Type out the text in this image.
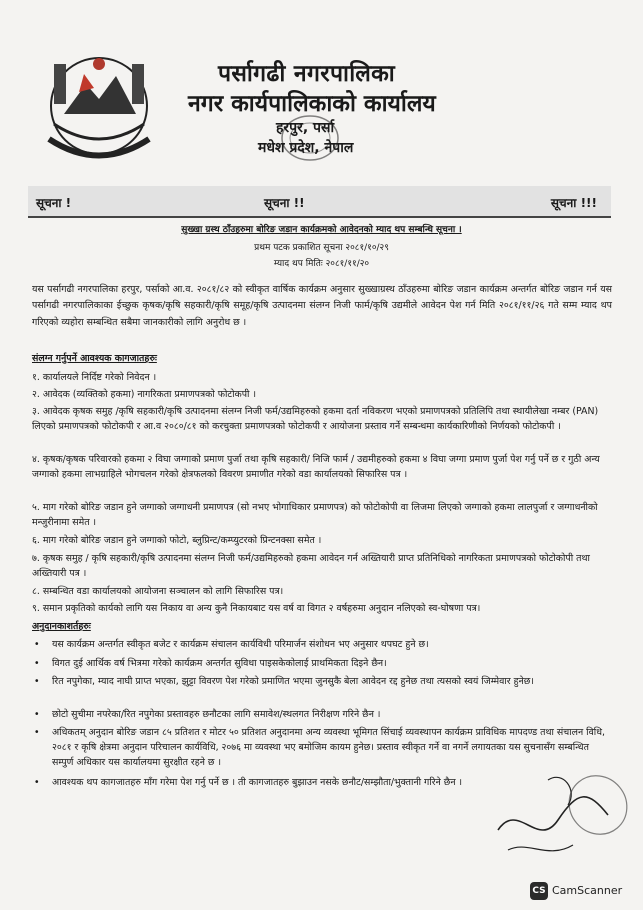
पर्सागढी नगरपालिका
नगर कार्यपालिकाको कार्यालय
हरपुर, पर्सा
मधेश प्रदेश, नेपाल
सूचना !	सूचना !!	सूचना !!!
सुख्खा ग्रस्थ ठाँउहरुमा बोरिङ जडान कार्यक्रमको आवेदनको म्याद थप सम्बन्धि सूचना ।
प्रथम पटक प्रकाशित सूचना २०८१/१०/२९
म्याद थप मितिः २०८१/११/२०
यस पर्सागढी नगरपालिका हरपुर, पर्साको आ.व. २०८१/८२ को स्वीकृत वार्षिक कार्यक्रम अनुसार सुख्खाग्रस्थ ठाँउहरुमा बोरिङ जडान कार्यक्रम अन्तर्गत बोरिङ जडान गर्न यस पर्सागढी नगरपालिकाका ईच्छुक कृषक/कृषि सहकारी/कृषि समूह/कृषि उत्पादनमा संलग्न निजी फार्म/कृषि उद्यमीले आवेदन पेश गर्न मिति २०८१/११/२६ गते सम्म म्याद थप गरिएको व्यहोरा सम्बन्धित सबैमा जानकारीको लागि अनुरोध छ ।
संलग्न गर्नुपर्ने आवश्यक कागजातहरुः
१. कार्यालयले निर्दिष्ट गरेको निवेदन ।
२. आवेदक (व्यक्तिको हकमा) नागरिकता प्रमाणपत्रको फोटोकपी ।
३. आवेदक कृषक समुह /कृषि सहकारी/कृषि उत्पादनमा संलग्न निजी फर्म/उद्यमिहरुको हकमा दर्ता नविकरण भएको प्रमाणपत्रको प्रतिलिपि तथा स्थायीलेखा नम्बर (PAN) लिएको प्रमाणपत्रको फोटोकपी र आ.व २०८०/८१ को करचुक्ता प्रमाणपत्रको फोटोकपी र आयोजना प्रस्ताव गर्ने सम्बन्धमा कार्यकारिणीको निर्णयको फोटोकपी ।
४. कृषक/कृषक परिवारको हकमा २ विघा जग्गाको प्रमाण पुर्जा तथा कृषि सहकारी/ निजि फार्म / उद्यमीहरुको हकमा ४ विघा जग्गा प्रमाण पुर्जा पेश गर्नु पर्ने छ र गुठी अन्य जग्गाको हकमा लाभग्राहिले भोगचलन गरेको क्षेत्रफलको विवरण प्रमाणीत गरेको वडा कार्यालयको सिफारिस पत्र ।
५. माग गरेको बोरिङ जडान हुने जग्गाको जग्गाधनी प्रमाणपत्र (सो नभए भोगाधिकार प्रमाणपत्र) को फोटोकोपी वा लिजमा लिएको जग्गाको हकमा लालपुर्जा र जग्गाधनीको मन्जुरीनामा समेत ।
६. माग गरेको बोरिङ जडान हुने जग्गाको फोटो, ब्लुप्रिन्ट/कम्प्युटरको प्रिन्टनक्सा समेत ।
७. कृषक समुह / कृषि सहकारी/कृषि उत्पादनमा संलग्न निजी फर्म/उद्यमिहरुको हकमा आवेदन गर्न अख्तियारी प्राप्त प्रतिनिधिको नागरिकता प्रमाणपत्रको फोटोकोपी तथा अख्तियारी पत्र ।
८. सम्बन्धित वडा कार्यालयको आयोजना सञ्चालन को लागि सिफारिस पत्र।
९. समान प्रकृतिको कार्यको लागि यस निकाय वा अन्य कुनै निकायबाट यस वर्ष वा विगत २ वर्षहरुमा अनुदान नलिएको स्व-घोषणा पत्र।
अनुदानकाशर्तहरुः
• यस कार्यक्रम अन्तर्गत स्वीकृत बजेट र कार्यक्रम संचालन कार्यविधी परिमार्जन संशोधन भए अनुसार थपघट हुने छ।
• विगत दुई आर्थिक वर्ष भित्रमा गरेको कार्यक्रम अन्तर्गत सुविधा पाइसकेकोलाई प्राथमिकता दिइने छैन।
• रित नपुगेका, म्याद नाघी प्राप्त भएका, झुट्टा विवरण पेश गरेको प्रमाणित भएमा जुनसुकै बेला आवेदन रद्द हुनेछ तथा त्यसको स्वयं जिम्मेवार हुनेछ।
• छोटो सुचीमा नपरेका/रित नपुगेका प्रस्तावहरु छनौटका लागि समावेश/स्थलगत निरीक्षण गरिने छैन ।
• अधिकतम् अनुदान बोरिङ जडान ८५ प्रतिशत र मोटर ५० प्रतिशत अनुदानमा अन्य व्यवस्था भूमिगत सिंचाई व्यवस्थापन कार्यक्रम प्राविधिक मापदण्ड तथा संचालन विधि, २०८१ र कृषि क्षेत्रमा अनुदान परिचालन कार्यविधि, २०७६ मा व्यवस्था भए बमोजिम कायम हुनेछ। प्रस्ताव स्वीकृत गर्ने वा नगर्ने लगायतका यस सुचनासँग सम्बन्धित सम्पुर्ण अधिकार यस कार्यालयमा सुरक्षीत रहने छ ।
• आवश्यक थप कागजातहरु माँग गरेमा पेश गर्नु पर्ने छ । ती कागजातहरु बुझाउन नसके छनौट/सम्झौता/भुक्तानी गरिने छैन ।
CS CamScanner
